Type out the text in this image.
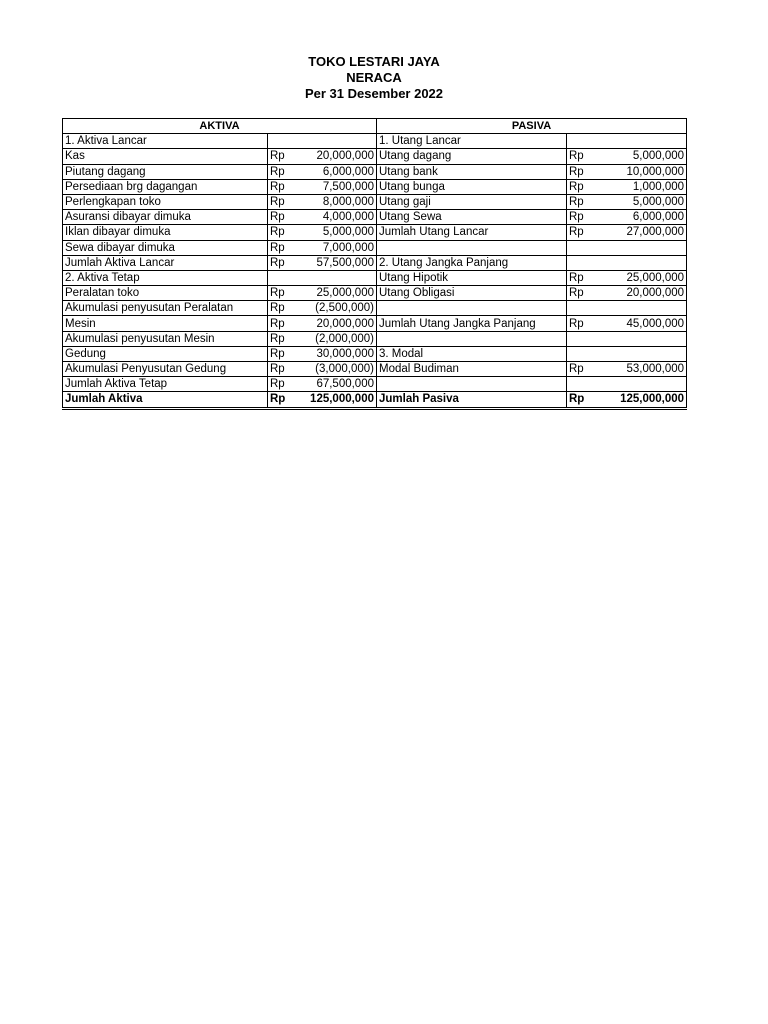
TOKO LESTARI JAYA
NERACA
Per 31 Desember 2022
AKTIVA			PASIVA		
1. Aktiva Lancar			1. Utang Lancar		
Kas	Rp	20,000,000	Utang dagang	Rp	5,000,000
Piutang dagang	Rp	6,000,000	Utang bank	Rp	10,000,000
Persediaan brg dagangan	Rp	7,500,000	Utang bunga	Rp	1,000,000
Perlengkapan toko	Rp	8,000,000	Utang gaji	Rp	5,000,000
Asuransi dibayar dimuka	Rp	4,000,000	Utang Sewa	Rp	6,000,000
Iklan dibayar dimuka	Rp	5,000,000	Jumlah Utang Lancar	Rp	27,000,000
Sewa dibayar dimuka	Rp	7,000,000			
Jumlah Aktiva Lancar	Rp	57,500,000	2. Utang Jangka Panjang		
2. Aktiva Tetap			Utang Hipotik	Rp	25,000,000
Peralatan toko	Rp	25,000,000	Utang Obligasi	Rp	20,000,000
Akumulasi penyusutan Peralatan	Rp	(2,500,000)			
Mesin	Rp	20,000,000	Jumlah Utang Jangka Panjang	Rp	45,000,000
Akumulasi penyusutan Mesin	Rp	(2,000,000)			
Gedung	Rp	30,000,000	3. Modal		
Akumulasi Penyusutan Gedung	Rp	(3,000,000)	Modal Budiman	Rp	53,000,000
Jumlah Aktiva Tetap	Rp	67,500,000			
Jumlah Aktiva	Rp	125,000,000	Jumlah Pasiva	Rp	125,000,000
